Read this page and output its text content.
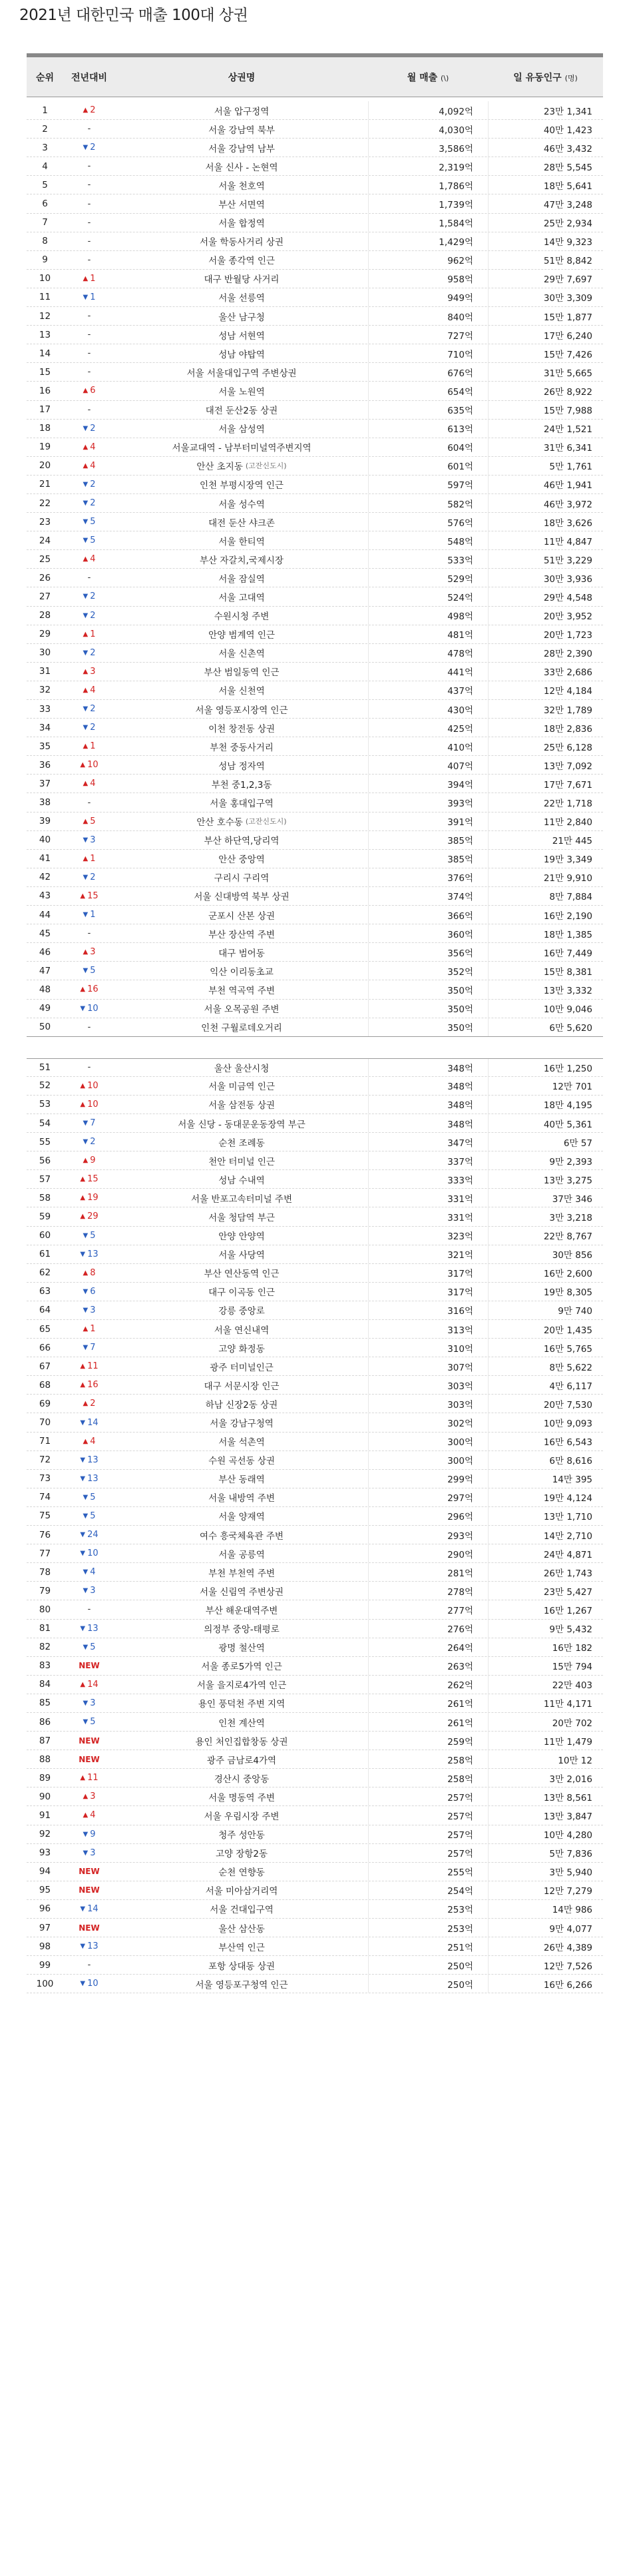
2021년 대한민국 매출 100대 상권
순위	전년대비	상권명	월 매출 (\)	일 유동인구 (명)
1	▲ 2	서울 압구정역	4,092억	23만 1,341
2	-	서울 강남역 북부	4,030억	40만 1,423
3	▼ 2	서울 강남역 남부	3,586억	46만 3,432
4	-	서울 신사 - 논현역	2,319억	28만 5,545
5	-	서울 천호역	1,786억	18만 5,641
6	-	부산 서면역	1,739억	47만 3,248
7	-	서울 합정역	1,584억	25만 2,934
8	-	서울 학동사거리 상권	1,429억	14만 9,323
9	-	서울 종각역 인근	962억	51만 8,842
10	▲ 1	대구 반월당 사거리	958억	29만 7,697
11	▼ 1	서울 선릉역	949억	30만 3,309
12	-	울산 남구청	840억	15만 1,877
13	-	성남 서현역	727억	17만 6,240
14	-	성남 야탑역	710억	15만 7,426
15	-	서울 서울대입구역 주변상권	676억	31만 5,665
16	▲ 6	서울 노원역	654억	26만 8,922
17	-	대전 둔산2동 상권	635억	15만 7,988
18	▼ 2	서울 삼성역	613억	24만 1,521
19	▲ 4	서울교대역 - 남부터미널역주변지역	604억	31만 6,341
20	▲ 4	안산 초지동 (고잔신도시)	601억	5만 1,761
21	▼ 2	인천 부평시장역 인근	597억	46만 1,941
22	▼ 2	서울 성수역	582억	46만 3,972
23	▼ 5	대전 둔산 샤크존	576억	18만 3,626
24	▼ 5	서울 한티역	548억	11만 4,847
25	▲ 4	부산 자갈치,국제시장	533억	51만 3,229
26	-	서울 잠실역	529억	30만 3,936
27	▼ 2	서울 고대역	524억	29만 4,548
28	▼ 2	수원시청 주변	498억	20만 3,952
29	▲ 1	안양 범계역 인근	481억	20만 1,723
30	▼ 2	서울 신촌역	478억	28만 2,390
31	▲ 3	부산 범일동역 인근	441억	33만 2,686
32	▲ 4	서울 신천역	437억	12만 4,184
33	▼ 2	서울 영등포시장역 인근	430억	32만 1,789
34	▼ 2	이천 창전동 상권	425억	18만 2,836
35	▲ 1	부천 중동사거리	410억	25만 6,128
36	▲ 10	성남 정자역	407억	13만 7,092
37	▲ 4	부천 중1,2,3동	394억	17만 7,671
38	-	서울 홍대입구역	393억	22만 1,718
39	▲ 5	안산 호수동 (고잔신도시)	391억	11만 2,840
40	▼ 3	부산 하단역,당리역	385억	21만 445
41	▲ 1	안산 중앙역	385억	19만 3,349
42	▼ 2	구리시 구리역	376억	21만 9,910
43	▲ 15	서울 신대방역 북부 상권	374억	8만 7,884
44	▼ 1	군포시 산본 상권	366억	16만 2,190
45	-	부산 장산역 주변	360억	18만 1,385
46	▲ 3	대구 범어동	356억	16만 7,449
47	▼ 5	익산 이리동초교	352억	15만 8,381
48	▲ 16	부천 역곡역 주변	350억	13만 3,332
49	▼ 10	서울 오목공원 주변	350억	10만 9,046
50	-	인천 구월로데오거리	350억	6만 5,620
51	-	울산 울산시청	348억	16만 1,250
52	▲ 10	서울 미금역 인근	348억	12만 701
53	▲ 10	서울 삼전동 상권	348억	18만 4,195
54	▼ 7	서울 신당 - 동대문운동장역 부근	348억	40만 5,361
55	▼ 2	순천 조례동	347억	6만 57
56	▲ 9	천안 터미널 인근	337억	9만 2,393
57	▲ 15	성남 수내역	333억	13만 3,275
58	▲ 19	서울 반포고속터미널 주변	331억	37만 346
59	▲ 29	서울 청담역 부근	331억	3만 3,218
60	▼ 5	안양 안양역	323억	22만 8,767
61	▼ 13	서울 사당역	321억	30만 856
62	▲ 8	부산 연산동역 인근	317억	16만 2,600
63	▼ 6	대구 이곡동 인근	317억	19만 8,305
64	▼ 3	강릉 중앙로	316억	9만 740
65	▲ 1	서울 연신내역	313억	20만 1,435
66	▼ 7	고양 화정동	310억	16만 5,765
67	▲ 11	광주 터미널인근	307억	8만 5,622
68	▲ 16	대구 서문시장 인근	303억	4만 6,117
69	▲ 2	하남 신장2동 상권	303억	20만 7,530
70	▼ 14	서울 강남구청역	302억	10만 9,093
71	▲ 4	서울 석촌역	300억	16만 6,543
72	▼ 13	수원 곡선동 상권	300억	6만 8,616
73	▼ 13	부산 동래역	299억	14만 395
74	▼ 5	서울 내방역 주변	297억	19만 4,124
75	▼ 5	서울 양재역	296억	13만 1,710
76	▼ 24	여수 흥국체육관 주변	293억	14만 2,710
77	▼ 10	서울 공릉역	290억	24만 4,871
78	▼ 4	부천 부천역 주변	281억	26만 1,743
79	▼ 3	서울 신림역 주변상권	278억	23만 5,427
80	-	부산 해운대역주변	277억	16만 1,267
81	▼ 13	의정부 중앙-태평로	276억	9만 5,432
82	▼ 5	광명 철산역	264억	16만 182
83	NEW	서울 종로5가역 인근	263억	15만 794
84	▲ 14	서울 을지로4가역 인근	262억	22만 403
85	▼ 3	용인 풍덕천 주변 지역	261억	11만 4,171
86	▼ 5	인천 계산역	261억	20만 702
87	NEW	용인 처인집합창동 상권	259억	11만 1,479
88	NEW	광주 금남로4가역	258억	10만 12
89	▲ 11	경산시 중앙동	258억	3만 2,016
90	▲ 3	서울 명동역 주변	257억	13만 8,561
91	▲ 4	서울 우림시장 주변	257억	13만 3,847
92	▼ 9	청주 성안동	257억	10만 4,280
93	▼ 3	고양 장항2동	257억	5만 7,836
94	NEW	순천 연향동	255억	3만 5,940
95	NEW	서울 미아삼거리역	254억	12만 7,279
96	▼ 14	서울 건대입구역	253억	14만 986
97	NEW	울산 삼산동	253억	9만 4,077
98	▼ 13	부산역 인근	251억	26만 4,389
99	-	포항 상대동 상권	250억	12만 7,526
100	▼ 10	서울 영등포구청역 인근	250억	16만 6,266
